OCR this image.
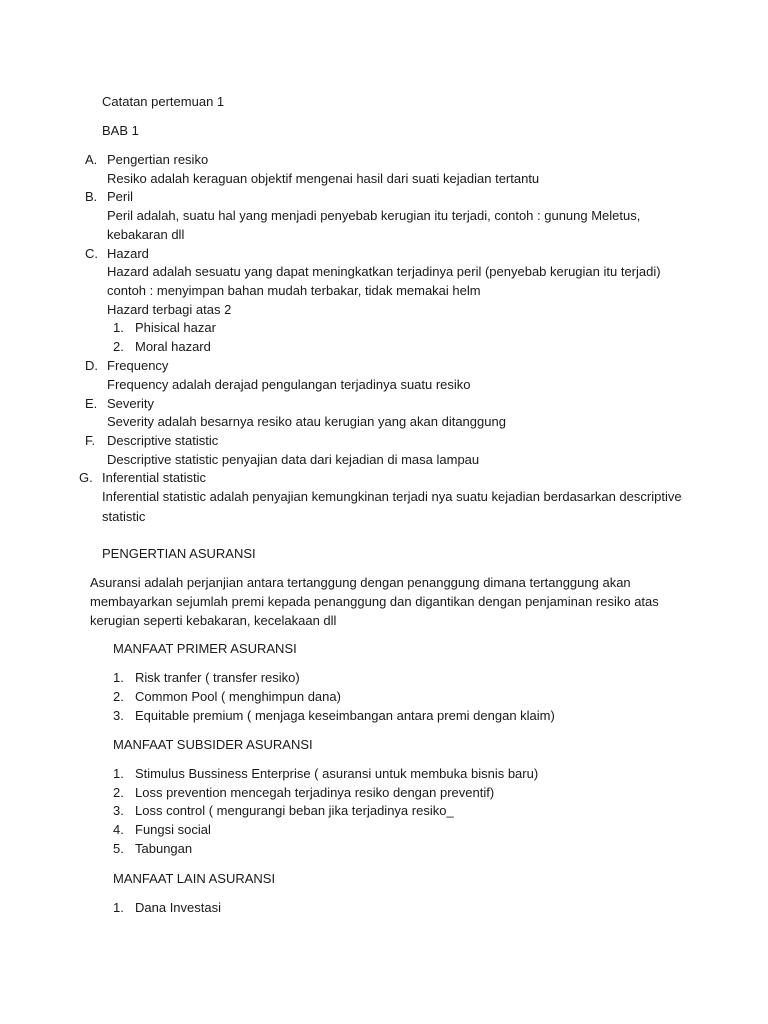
Catatan pertemuan 1
BAB 1
A. Pengertian resiko
Resiko adalah keraguan objektif mengenai hasil dari suati kejadian tertantu
B. Peril
Peril adalah, suatu hal yang menjadi penyebab kerugian itu terjadi, contoh : gunung Meletus,
kebakaran dll
C. Hazard
Hazard adalah sesuatu yang dapat meningkatkan terjadinya peril (penyebab kerugian itu terjadi)
contoh : menyimpan bahan mudah terbakar, tidak memakai helm
Hazard terbagi atas 2
1. Phisical hazar
2. Moral hazard
D. Frequency
Frequency adalah derajad pengulangan terjadinya suatu resiko
E. Severity
Severity adalah besarnya resiko atau kerugian yang akan ditanggung
F. Descriptive statistic
Descriptive statistic penyajian data dari kejadian di masa lampau
G. Inferential statistic
Inferential statistic adalah penyajian kemungkinan terjadi nya suatu kejadian berdasarkan descriptive
statistic
PENGERTIAN ASURANSI
Asuransi adalah perjanjian antara tertanggung dengan penanggung dimana tertanggung akan
membayarkan sejumlah premi kepada penanggung dan digantikan dengan penjaminan resiko atas
kerugian seperti kebakaran, kecelakaan dll
MANFAAT PRIMER ASURANSI
1. Risk tranfer ( transfer resiko)
2. Common Pool ( menghimpun dana)
3. Equitable premium ( menjaga keseimbangan antara premi dengan klaim)
MANFAAT SUBSIDER ASURANSI
1. Stimulus Bussiness Enterprise ( asuransi untuk membuka bisnis baru)
2. Loss prevention mencegah terjadinya resiko dengan preventif)
3. Loss control ( mengurangi beban jika terjadinya resiko_
4. Fungsi social
5. Tabungan
MANFAAT LAIN ASURANSI
1. Dana Investasi
